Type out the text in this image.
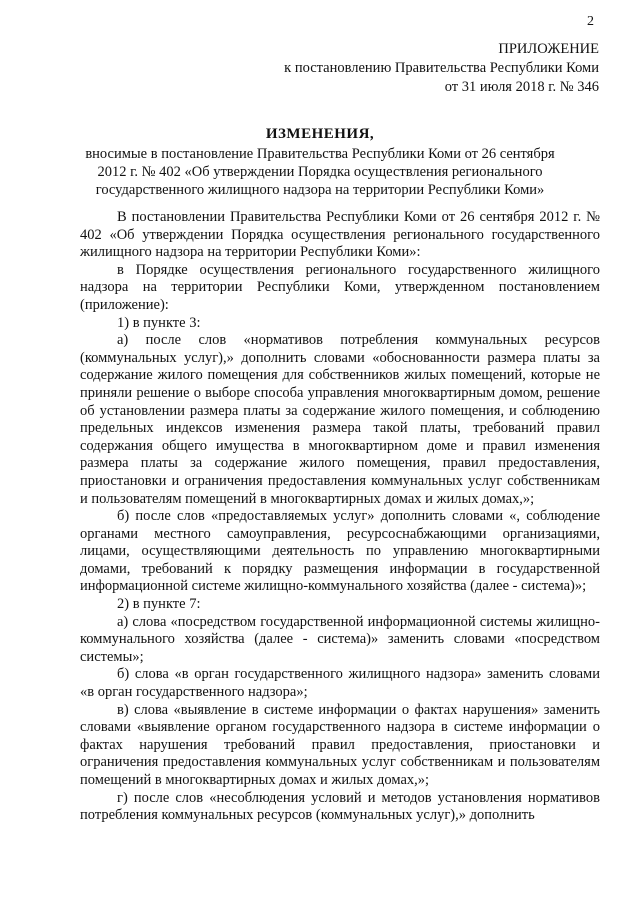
2
ПРИЛОЖЕНИЕ
к постановлению Правительства Республики Коми
от 31 июля 2018 г. № 346
ИЗМЕНЕНИЯ,
вносимые в постановление Правительства Республики Коми от 26 сентября 2012 г. № 402 «Об утверждении Порядка осуществления регионального государственного жилищного надзора на территории Республики Коми»

В постановлении Правительства Республики Коми от 26 сентября 2012 г. № 402 «Об утверждении Порядка осуществления регионального государственного жилищного надзора на территории Республики Коми»:

в Порядке осуществления регионального государственного жилищного надзора на территории Республики Коми, утвержденном постановлением (приложение):

1) в пункте 3:

а) после слов «нормативов потребления коммунальных ресурсов (коммунальных услуг),» дополнить словами «обоснованности размера платы за содержание жилого помещения для собственников жилых помещений, которые не приняли решение о выборе способа управления многоквартирным домом, решение об установлении размера платы за содержание жилого помещения, и соблюдению предельных индексов изменения размера такой платы, требований правил содержания общего имущества в многоквартирном доме и правил изменения размера платы за содержание жилого помещения, правил предоставления, приостановки и ограничения предоставления коммунальных услуг собственникам и пользователям помещений в многоквартирных домах и жилых домах,»;

б) после слов «предоставляемых услуг» дополнить словами «, соблюдение органами местного самоуправления, ресурсоснабжающими организациями, лицами, осуществляющими деятельность по управлению многоквартирными домами, требований к порядку размещения информации в государственной информационной системе жилищно-коммунального хозяйства (далее - система)»;

2) в пункте 7:

а) слова «посредством государственной информационной системы жилищно-коммунального хозяйства (далее - система)» заменить словами «посредством системы»;

б) слова «в орган государственного жилищного надзора» заменить словами «в орган государственного надзора»;

в) слова «выявление в системе информации о фактах нарушения» заменить словами «выявление органом государственного надзора в системе информации о фактах нарушения требований правил предоставления, приостановки и ограничения предоставления коммунальных услуг собственникам и пользователям помещений в многоквартирных домах и жилых домах,»;

г) после слов «несоблюдения условий и методов установления нормативов потребления коммунальных ресурсов (коммунальных услуг),» дополнить
